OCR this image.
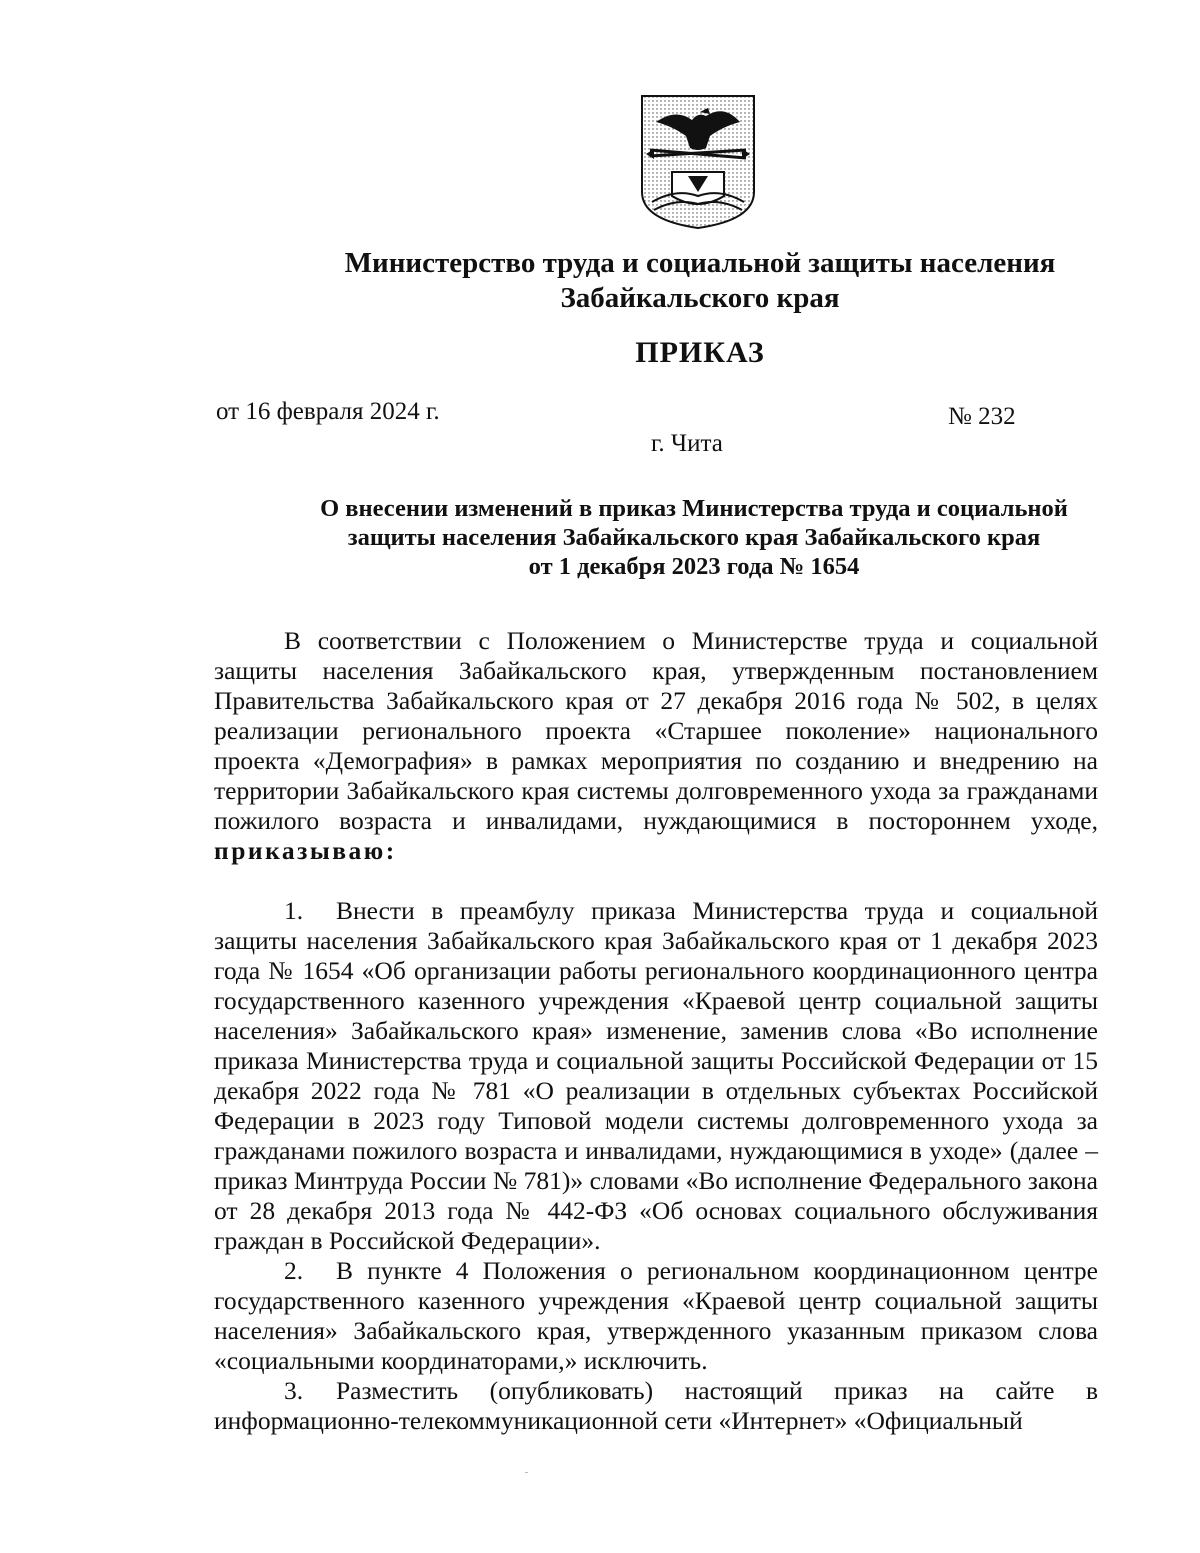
Министерство труда и социальной защиты населения
Забайкальского края
ПРИКАЗ
от 16 февраля 2024 г.	№ 232
г. Чита
О внесении изменений в приказ Министерства труда и социальной
защиты населения Забайкальского края Забайкальского края
от 1 декабря 2023 года № 1654

В соответствии с Положением о Министерстве труда и социальной защиты населения Забайкальского края, утвержденным постановлением Правительства Забайкальского края от 27 декабря 2016 года № 502, в целях реализации регионального проекта «Старшее поколение» национального проекта «Демография» в рамках мероприятия по созданию и внедрению на территории Забайкальского края системы долговременного ухода за гражданами пожилого возраста и инвалидами, нуждающимися в постороннем уходе, приказываю:

1. Внести в преамбулу приказа Министерства труда и социальной защиты населения Забайкальского края Забайкальского края от 1 декабря 2023 года № 1654 «Об организации работы регионального координационного центра государственного казенного учреждения «Краевой центр социальной защиты населения» Забайкальского края» изменение, заменив слова «Во исполнение приказа Министерства труда и социальной защиты Российской Федерации от 15 декабря 2022 года № 781 «О реализации в отдельных субъектах Российской Федерации в 2023 году Типовой модели системы долговременного ухода за гражданами пожилого возраста и инвалидами, нуждающимися в уходе» (далее – приказ Минтруда России № 781)» словами «Во исполнение Федерального закона от 28 декабря 2013 года № 442-ФЗ «Об основах социального обслуживания граждан в Российской Федерации».

2. В пункте 4 Положения о региональном координационном центре государственного казенного учреждения «Краевой центр социальной защиты населения» Забайкальского края, утвержденного указанным приказом слова «социальными координаторами,» исключить.

3. Разместить (опубликовать) настоящий приказ на сайте в информационно-телекоммуникационной сети «Интернет» «Официальный
